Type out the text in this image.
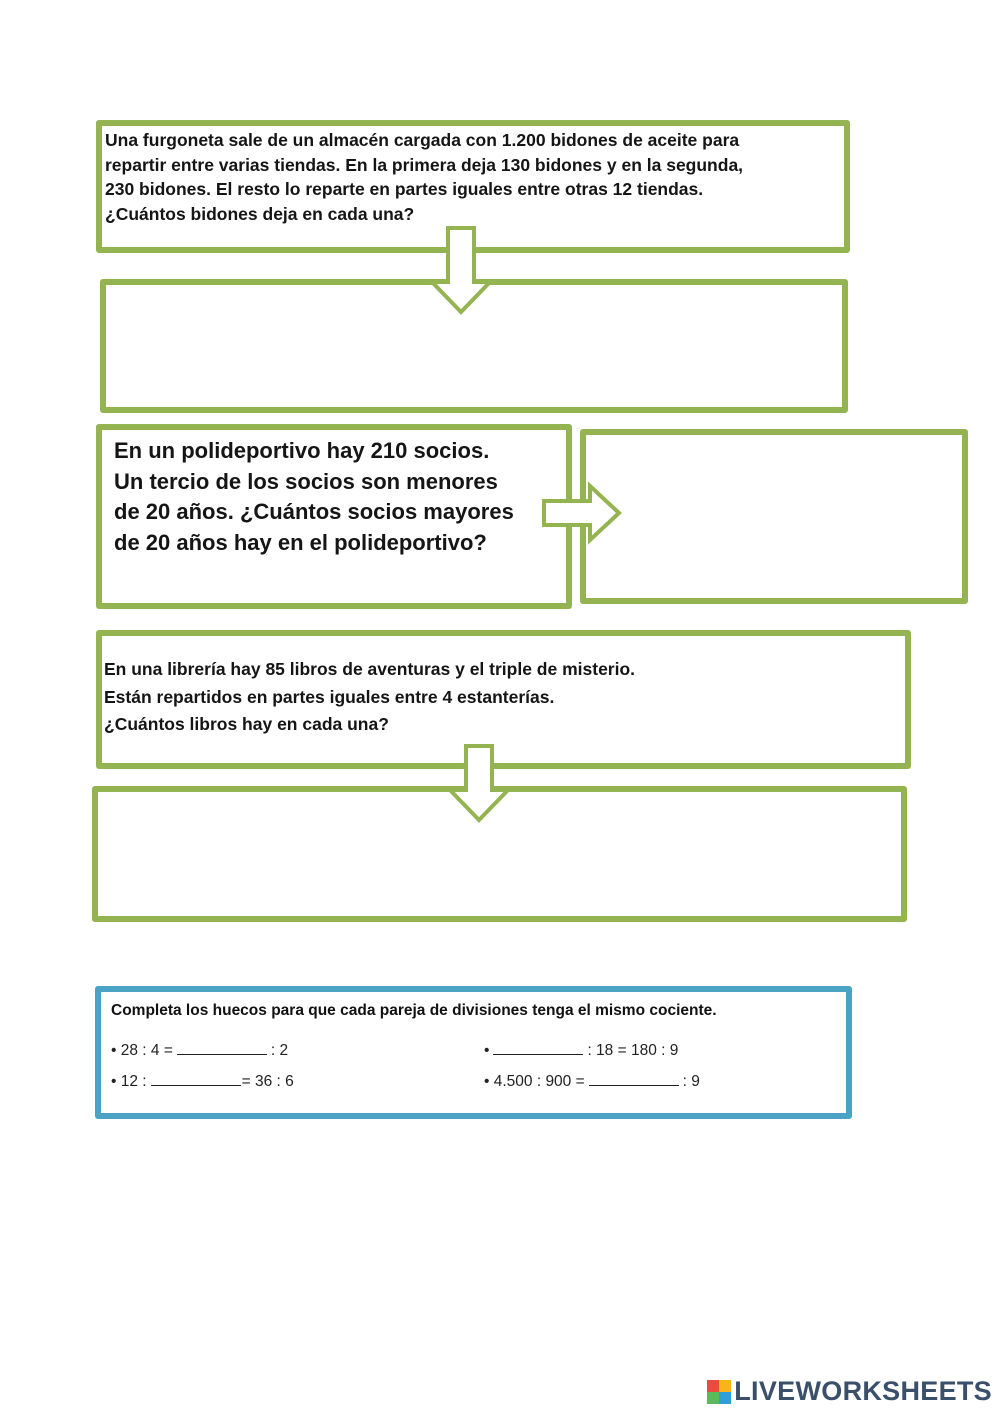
Una furgoneta sale de un almacén cargada con 1.200 bidones de aceite para
repartir entre varias tiendas. En la primera deja 130 bidones y en la segunda,
230 bidones. El resto lo reparte en partes iguales entre otras 12 tiendas.
¿Cuántos bidones deja en cada una?
En un polideportivo hay 210 socios.
Un tercio de los socios son menores
de 20 años. ¿Cuántos socios mayores
de 20 años hay en el polideportivo?
En una librería hay 85 libros de aventuras y el triple de misterio.
Están repartidos en partes iguales entre 4 estanterías.
¿Cuántos libros hay en cada una?
Completa los huecos para que cada pareja de divisiones tenga el mismo cociente.
• 28 : 4 =	: 2	•	: 18 = 180 : 9
• 12 :	= 36 : 6	• 4.500 : 900 =	: 9
LIVEWORKSHEETS
